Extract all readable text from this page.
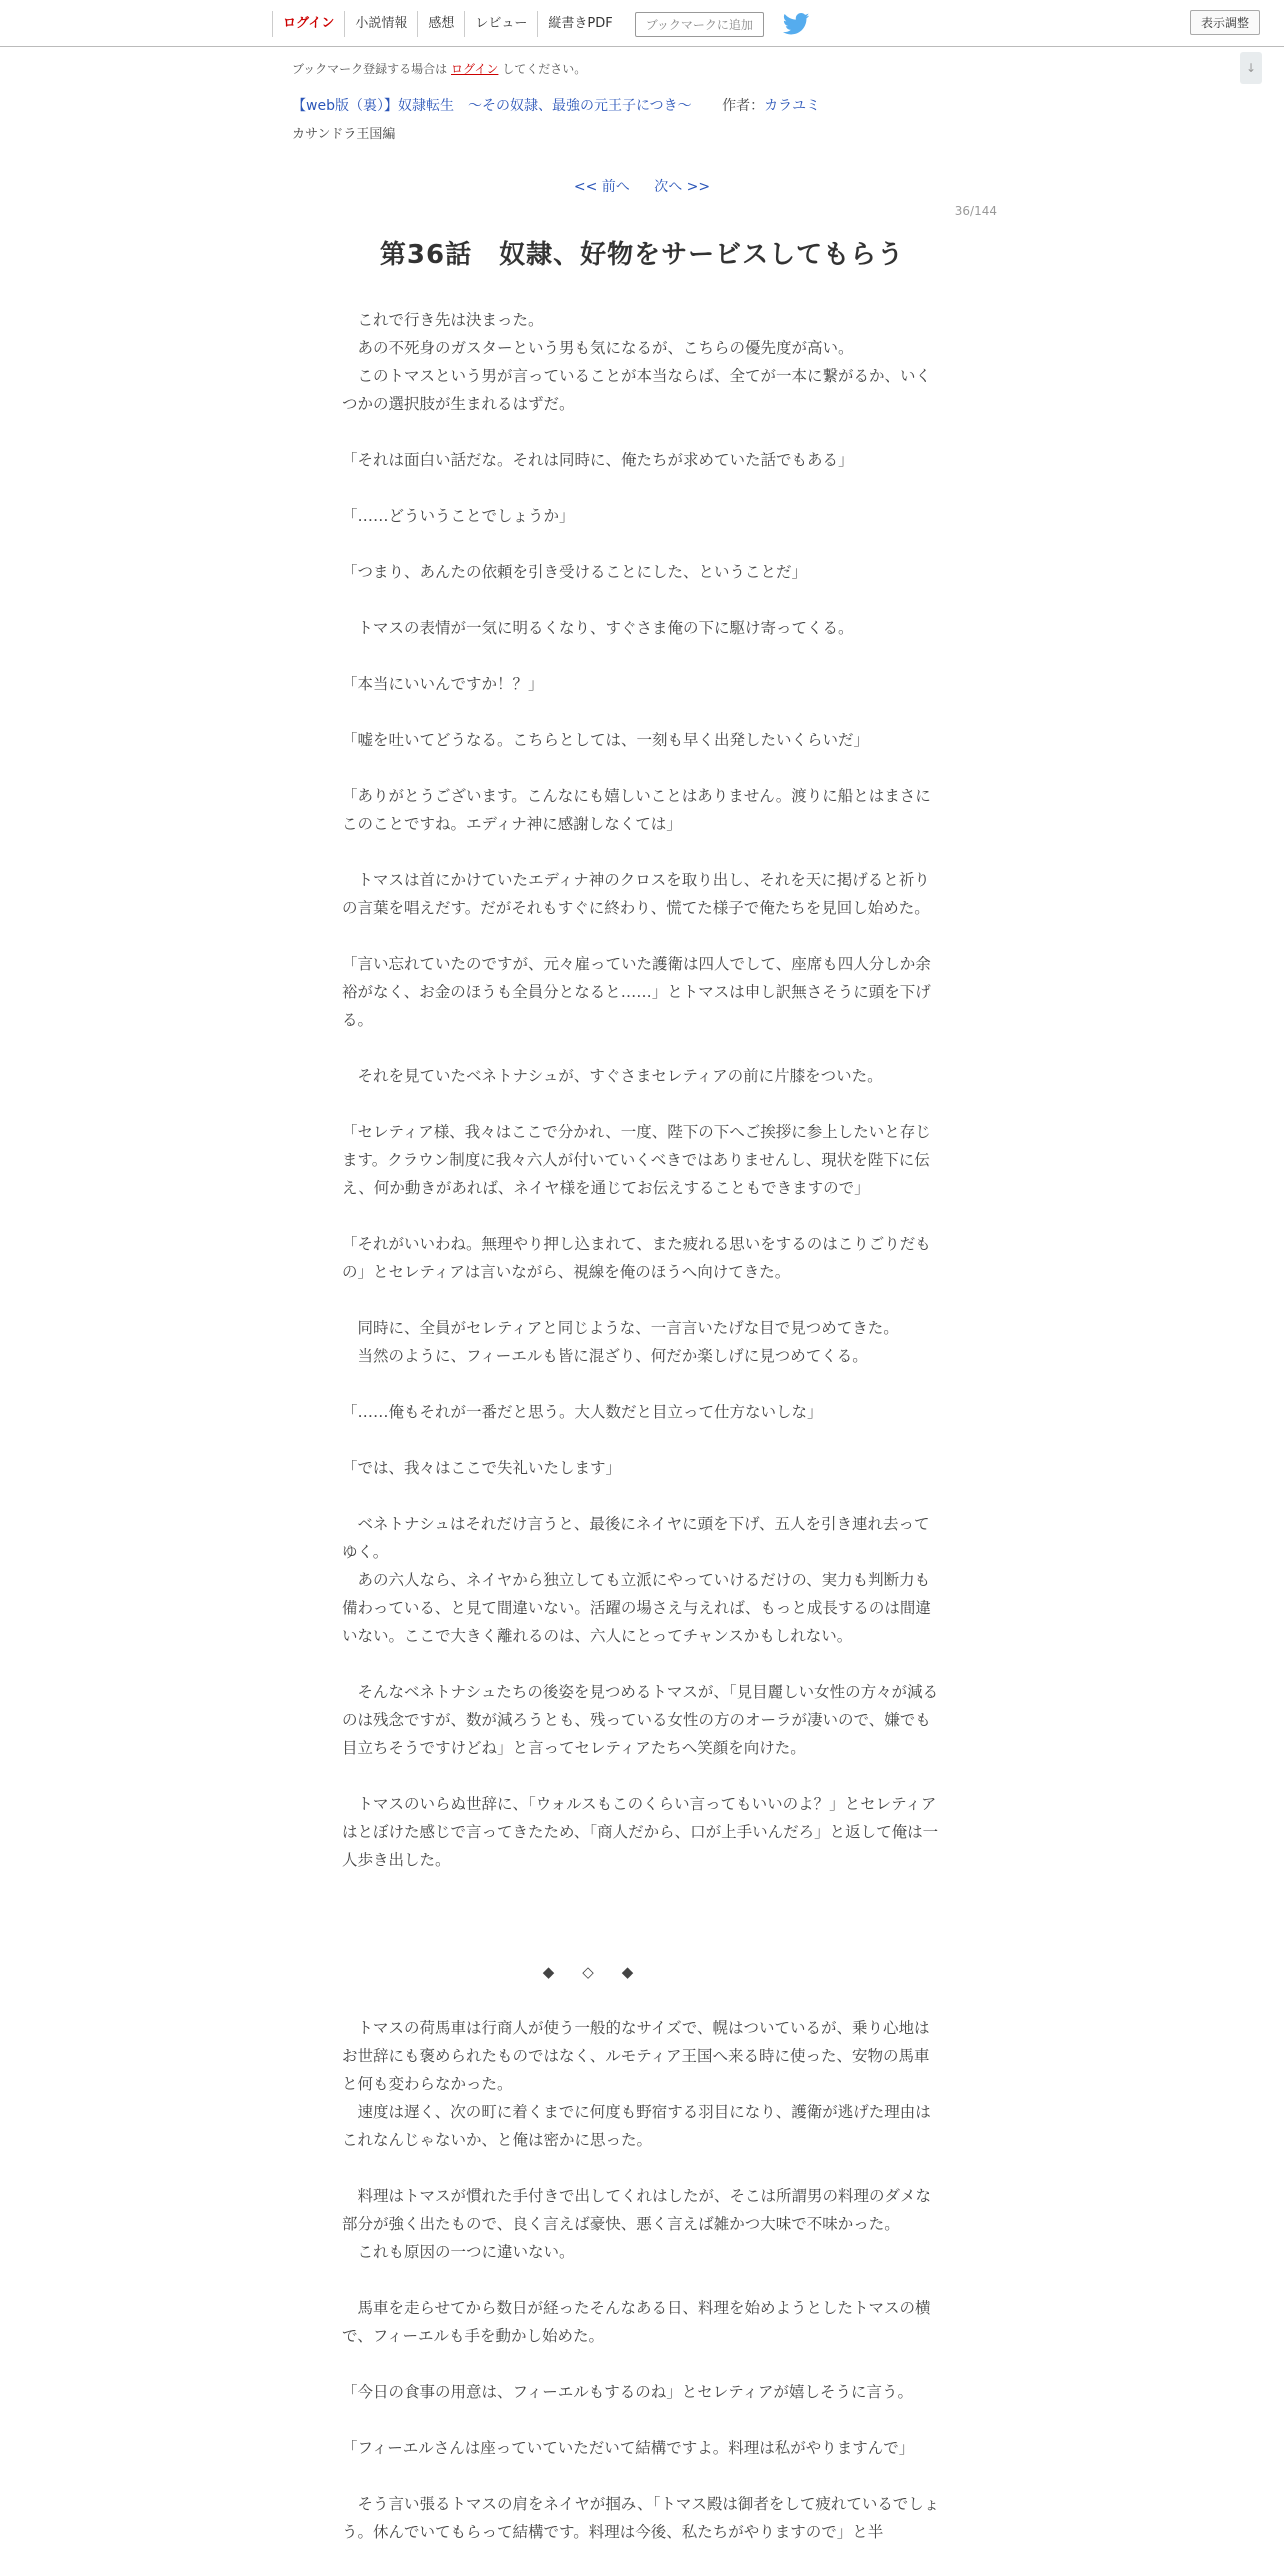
ログイン	小説情報	感想	レビュー	縦書きPDF	ブックマークに追加	表示調整
↓
ブックマーク登録する場合は ログイン してください。
【web版（裏）】奴隷転生　～その奴隷、最強の元王子につき～ 作者：カラユミ
カサンドラ王国編
<< 前へ 次へ >>
36/144
第36話　奴隷、好物をサービスしてもらう

　これで行き先は決まった。

　あの不死身のガスターという男も気になるが、こちらの優先度が高い。

　このトマスという男が言っていることが本当ならば、全てが一本に繋がるか、いくつかの選択肢が生まれるはずだ。

「それは面白い話だな。それは同時に、俺たちが求めていた話でもある」

「……どういうことでしょうか」

「つまり、あんたの依頼を引き受けることにした、ということだ」

　トマスの表情が一気に明るくなり、すぐさま俺の下に駆け寄ってくる。

「本当にいいんですか！？」

「嘘を吐いてどうなる。こちらとしては、一刻も早く出発したいくらいだ」

「ありがとうございます。こんなにも嬉しいことはありません。渡りに船とはまさにこのことですね。エディナ神に感謝しなくては」

　トマスは首にかけていたエディナ神のクロスを取り出し、それを天に掲げると祈りの言葉を唱えだす。だがそれもすぐに終わり、慌てた様子で俺たちを見回し始めた。

「言い忘れていたのですが、元々雇っていた護衛は四人でして、座席も四人分しか余裕がなく、お金のほうも全員分となると……」とトマスは申し訳無さそうに頭を下げる。

　それを見ていたベネトナシュが、すぐさまセレティアの前に片膝をついた。

「セレティア様、我々はここで分かれ、一度、陛下の下へご挨拶に参上したいと存じます。クラウン制度に我々六人が付いていくべきではありませんし、現状を陛下に伝え、何か動きがあれば、ネイヤ様を通じてお伝えすることもできますので」

「それがいいわね。無理やり押し込まれて、また疲れる思いをするのはこりごりだもの」とセレティアは言いながら、視線を俺のほうへ向けてきた。

　同時に、全員がセレティアと同じような、一言言いたげな目で見つめてきた。

　当然のように、フィーエルも皆に混ざり、何だか楽しげに見つめてくる。

「……俺もそれが一番だと思う。大人数だと目立って仕方ないしな」

「では、我々はここで失礼いたします」

　ベネトナシュはそれだけ言うと、最後にネイヤに頭を下げ、五人を引き連れ去ってゆく。

　あの六人なら、ネイヤから独立しても立派にやっていけるだけの、実力も判断力も備わっている、と見て間違いない。活躍の場さえ与えれば、もっと成長するのは間違いない。ここで大きく離れるのは、六人にとってチャンスかもしれない。

　そんなベネトナシュたちの後姿を見つめるトマスが、「見目麗しい女性の方々が減るのは残念ですが、数が減ろうとも、残っている女性の方のオーラが凄いので、嫌でも目立ちそうですけどね」と言ってセレティアたちへ笑顔を向けた。

　トマスのいらぬ世辞に、「ウォルスもこのくらい言ってもいいのよ？」とセレティアはとぼけた感じで言ってきたため、「商人だから、口が上手いんだろ」と返して俺は一人歩き出した。

◆◇◆

　トマスの荷馬車は行商人が使う一般的なサイズで、幌はついているが、乗り心地はお世辞にも褒められたものではなく、ルモティア王国へ来る時に使った、安物の馬車と何も変わらなかった。

　速度は遅く、次の町に着くまでに何度も野宿する羽目になり、護衛が逃げた理由はこれなんじゃないか、と俺は密かに思った。

　料理はトマスが慣れた手付きで出してくれはしたが、そこは所謂男の料理のダメな部分が強く出たもので、良く言えば豪快、悪く言えば雑かつ大味で不味かった。

　これも原因の一つに違いない。

　馬車を走らせてから数日が経ったそんなある日、料理を始めようとしたトマスの横で、フィーエルも手を動かし始めた。

「今日の食事の用意は、フィーエルもするのね」とセレティアが嬉しそうに言う。

「フィーエルさんは座っていていただいて結構ですよ。料理は私がやりますんで」

　そう言い張るトマスの肩をネイヤが掴み、「トマス殿は御者をして疲れているでしょう。休んでいてもらって結構です。料理は今後、私たちがやりますので」と半
